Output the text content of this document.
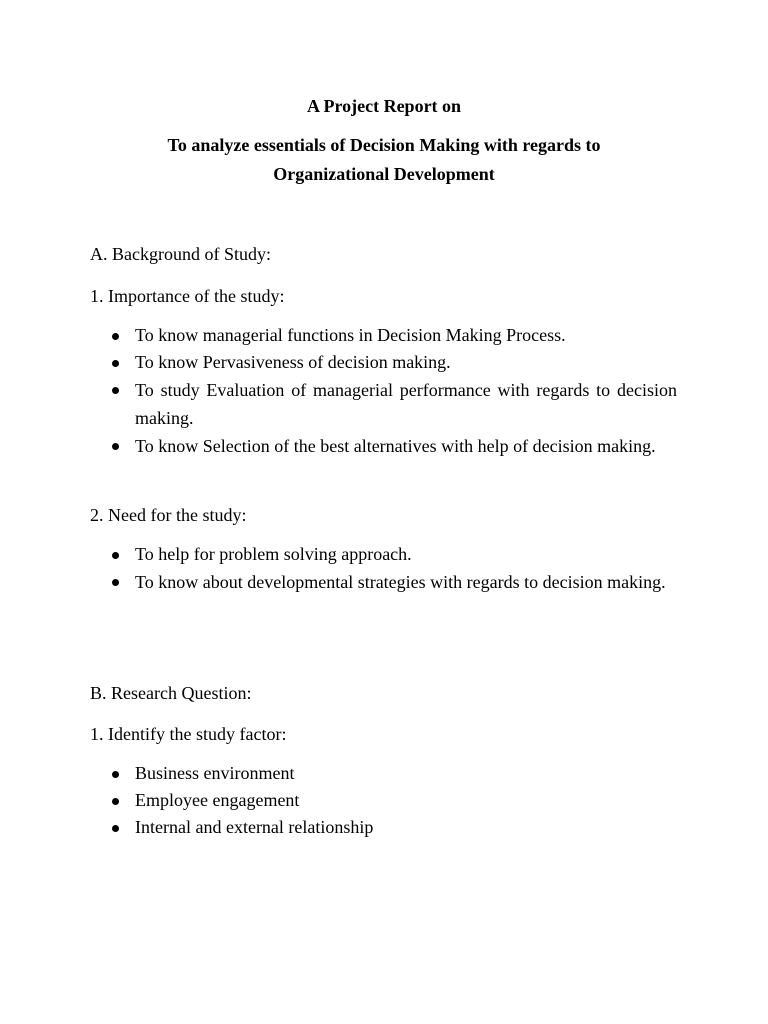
A Project Report on
To analyze essentials of Decision Making with regards to Organizational Development
A. Background of Study:
1. Importance of the study:
To know managerial functions in Decision Making Process.
To know Pervasiveness of decision making.
To study Evaluation of managerial performance with regards to decision making.
To know Selection of the best alternatives with help of decision making.
2. Need for the study:
To help for problem solving approach.
To know about developmental strategies with regards to decision making.
B. Research Question:
1. Identify the study factor:
Business environment
Employee engagement
Internal and external relationship
